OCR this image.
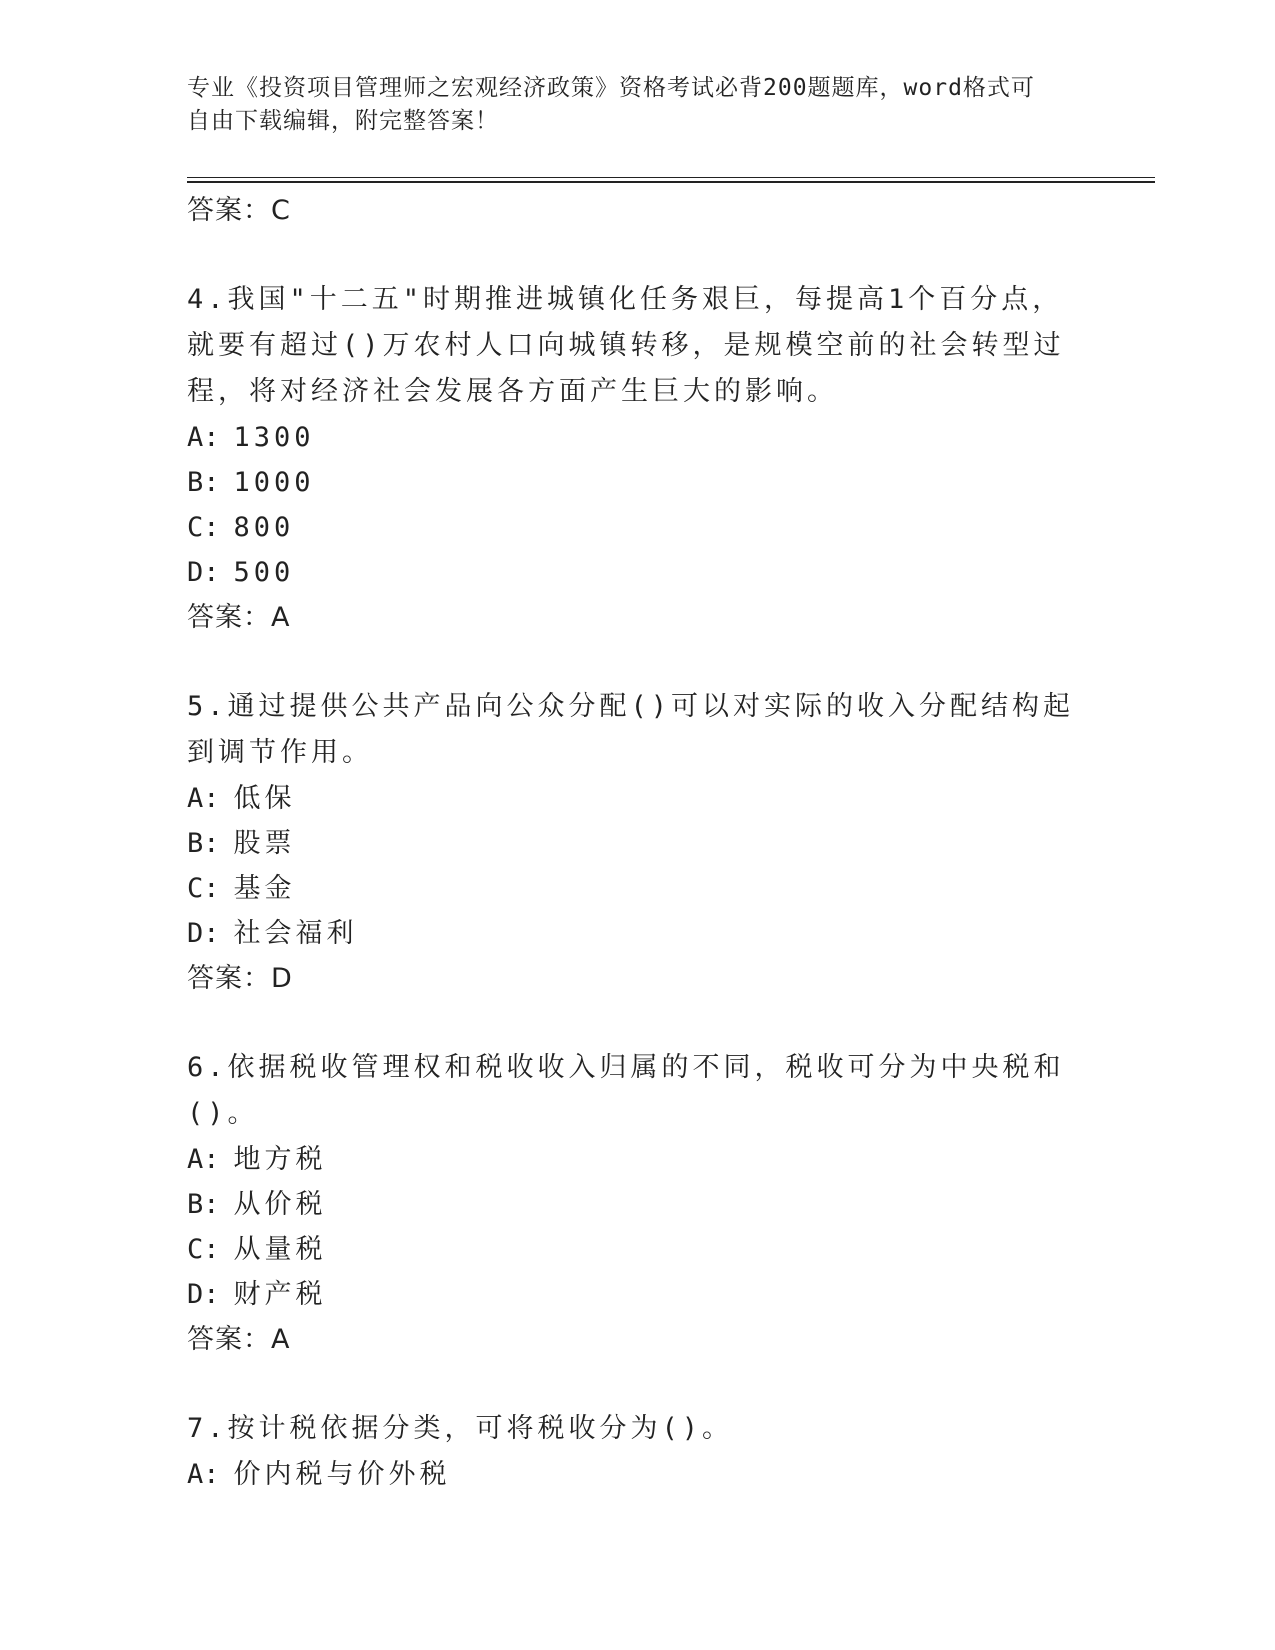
专业《投资项目管理师之宏观经济政策》资格考试必背200题题库，word格式可
自由下载编辑，附完整答案！
答案：C
4.我国"十二五"时期推进城镇化任务艰巨，每提高1个百分点，就要有超过()万农村人口向城镇转移，是规模空前的社会转型过程，将对经济社会发展各方面产生巨大的影响。
A: 1300
B: 1000
C: 800
D: 500
答案：A
5.通过提供公共产品向公众分配()可以对实际的收入分配结构起到调节作用。
A: 低保
B: 股票
C: 基金
D: 社会福利
答案：D
6.依据税收管理权和税收收入归属的不同，税收可分为中央税和()。
A: 地方税
B: 从价税
C: 从量税
D: 财产税
答案：A
7.按计税依据分类，可将税收分为()。
A: 价内税与价外税
